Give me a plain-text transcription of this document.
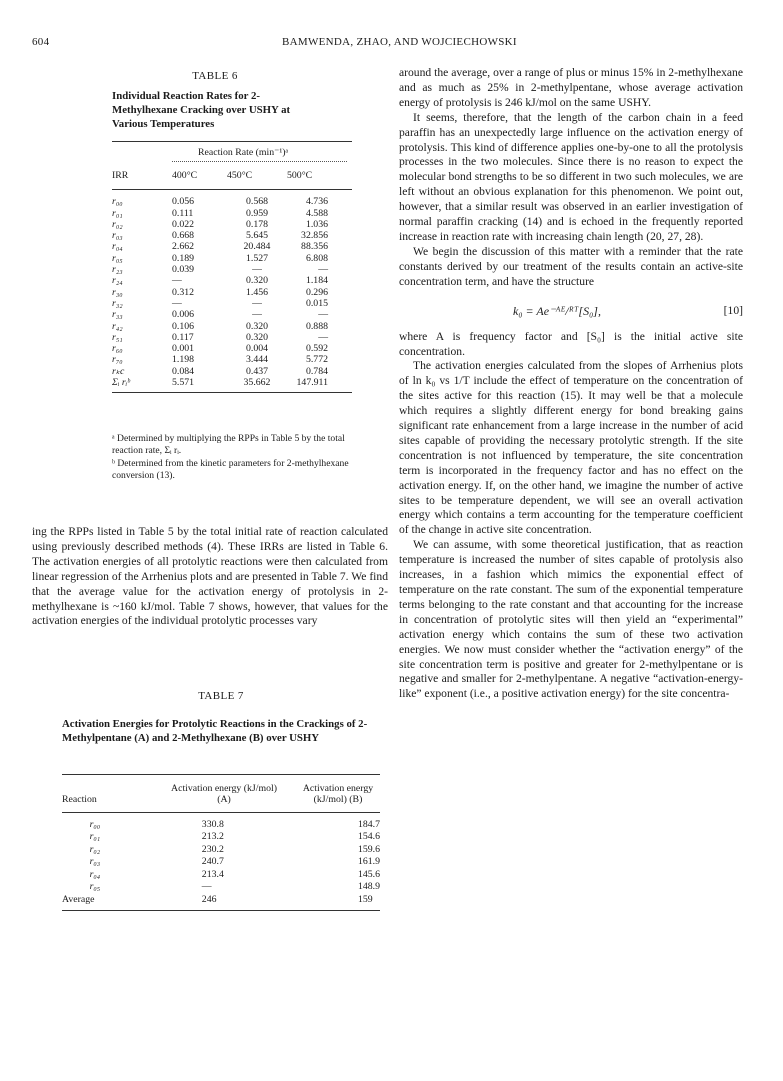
604	BAMWENDA, ZHAO, AND WOJCIECHOWSKI
TABLE 6
Individual Reaction Rates for 2-Methylhexane Cracking over USHY at Various Temperatures
Reaction Rate (min⁻¹)ᵃ
IRR	400°C	450°C	500°C
r₀₀	0.056	0.568	4.736
r₀₁	0.111	0.959	4.588
r₀₂	0.022	0.178	1.036
r₀₃	0.668	5.645	32.856
r₀₄	2.662	20.484	88.356
r₀₅	0.189	1.527	6.808
r₂₃	0.039	—	—
r₂₄	—	0.320	1.184
r₃₀	0.312	1.456	0.296
r₃₂	—	—	0.015
r₃₃	0.006	—	—
r₄₂	0.106	0.320	0.888
r₅₁	0.117	0.320	—
r₆₀	0.001	0.004	0.592
r₇₀	1.198	3.444	5.772
rₖc	0.084	0.437	0.784
Σᵢ rᵢᵇ	5.571	35.662	147.911
ᵃ Determined by multiplying the RPPs in Table 5 by the total reaction rate, Σᵢ rᵢ.
ᵇ Determined from the kinetic parameters for 2-methylhexane conversion (13).

ing the RPPs listed in Table 5 by the total initial rate of reaction calculated using previously described methods (4). These IRRs are listed in Table 6. The activation energies of all protolytic reactions were then calculated from linear regression of the Arrhenius plots and are presented in Table 7. We find that the average value for the activation energy of protolysis in 2-methylhexane is ~160 kJ/mol. Table 7 shows, however, that values for the activation energies of the individual protolytic processes vary

TABLE 7
Activation Energies for Protolytic Reactions in the Crackings of 2-Methylpentane (A) and 2-Methylhexane (B) over USHY
Reaction	Activation energy (kJ/mol) (A)	Activation energy (kJ/mol) (B)
r₀₀	330.8	184.7
r₀₁	213.2	154.6
r₀₂	230.2	159.6
r₀₃	240.7	161.9
r₀₄	213.4	145.6
r₀₅	—	148.9
Average	246	159

around the average, over a range of plus or minus 15% in 2-methylhexane and as much as 25% in 2-methylpentane, whose average activation energy of protolysis is 246 kJ/mol on the same USHY.

It seems, therefore, that the length of the carbon chain in a feed paraffin has an unexpectedly large influence on the activation energy of protolysis. This kind of difference applies one-by-one to all the protolysis processes in the two molecules. Since there is no reason to expect the molecular bond strengths to be so different in two such molecules, we are left without an obvious explanation for this phenomenon. We point out, however, that a similar result was observed in an earlier investigation of normal paraffin cracking (14) and is echoed in the frequently reported increase in reaction rate with increasing chain length (20, 27, 28).

We begin the discussion of this matter with a reminder that the rate constants derived by our treatment of the results contain an active-site concentration term, and have the structure

k₀ = Ae⁻ᴬᴱ/ᴿᵀ[S₀],	[10]

where A is frequency factor and [S₀] is the initial active site concentration.

The activation energies calculated from the slopes of Arrhenius plots of ln k₀ vs 1/T include the effect of temperature on the concentration of the sites active for this reaction (15). It may well be that a molecule which requires a slightly different energy for bond breaking gains significant rate enhancement from a large increase in the number of acid sites capable of providing the necessary protolytic strength. If the site concentration is not influenced by temperature, the site concentration term is incorporated in the frequency factor and has no effect on the activation energy. If, on the other hand, we imagine the number of active sites to be temperature dependent, we will see an overall activation energy which contains a term accounting for the temperature coefficient of the change in active site concentration.

We can assume, with some theoretical justification, that as reaction temperature is increased the number of sites capable of protolysis also increases, in a fashion which mimics the exponential effect of temperature on the rate constant. The sum of the exponential temperature terms belonging to the rate constant and that accounting for the increase in concentration of protolytic sites will then yield an “experimental” activation energy which contains the sum of these two activation energies. We now must consider whether the “activation energy” of the site concentration term is positive and greater for 2-methylpentane or is negative and smaller for 2-methylpentane. A negative “activation-energy-like” exponent (i.e., a positive activation energy) for the site concentra-
